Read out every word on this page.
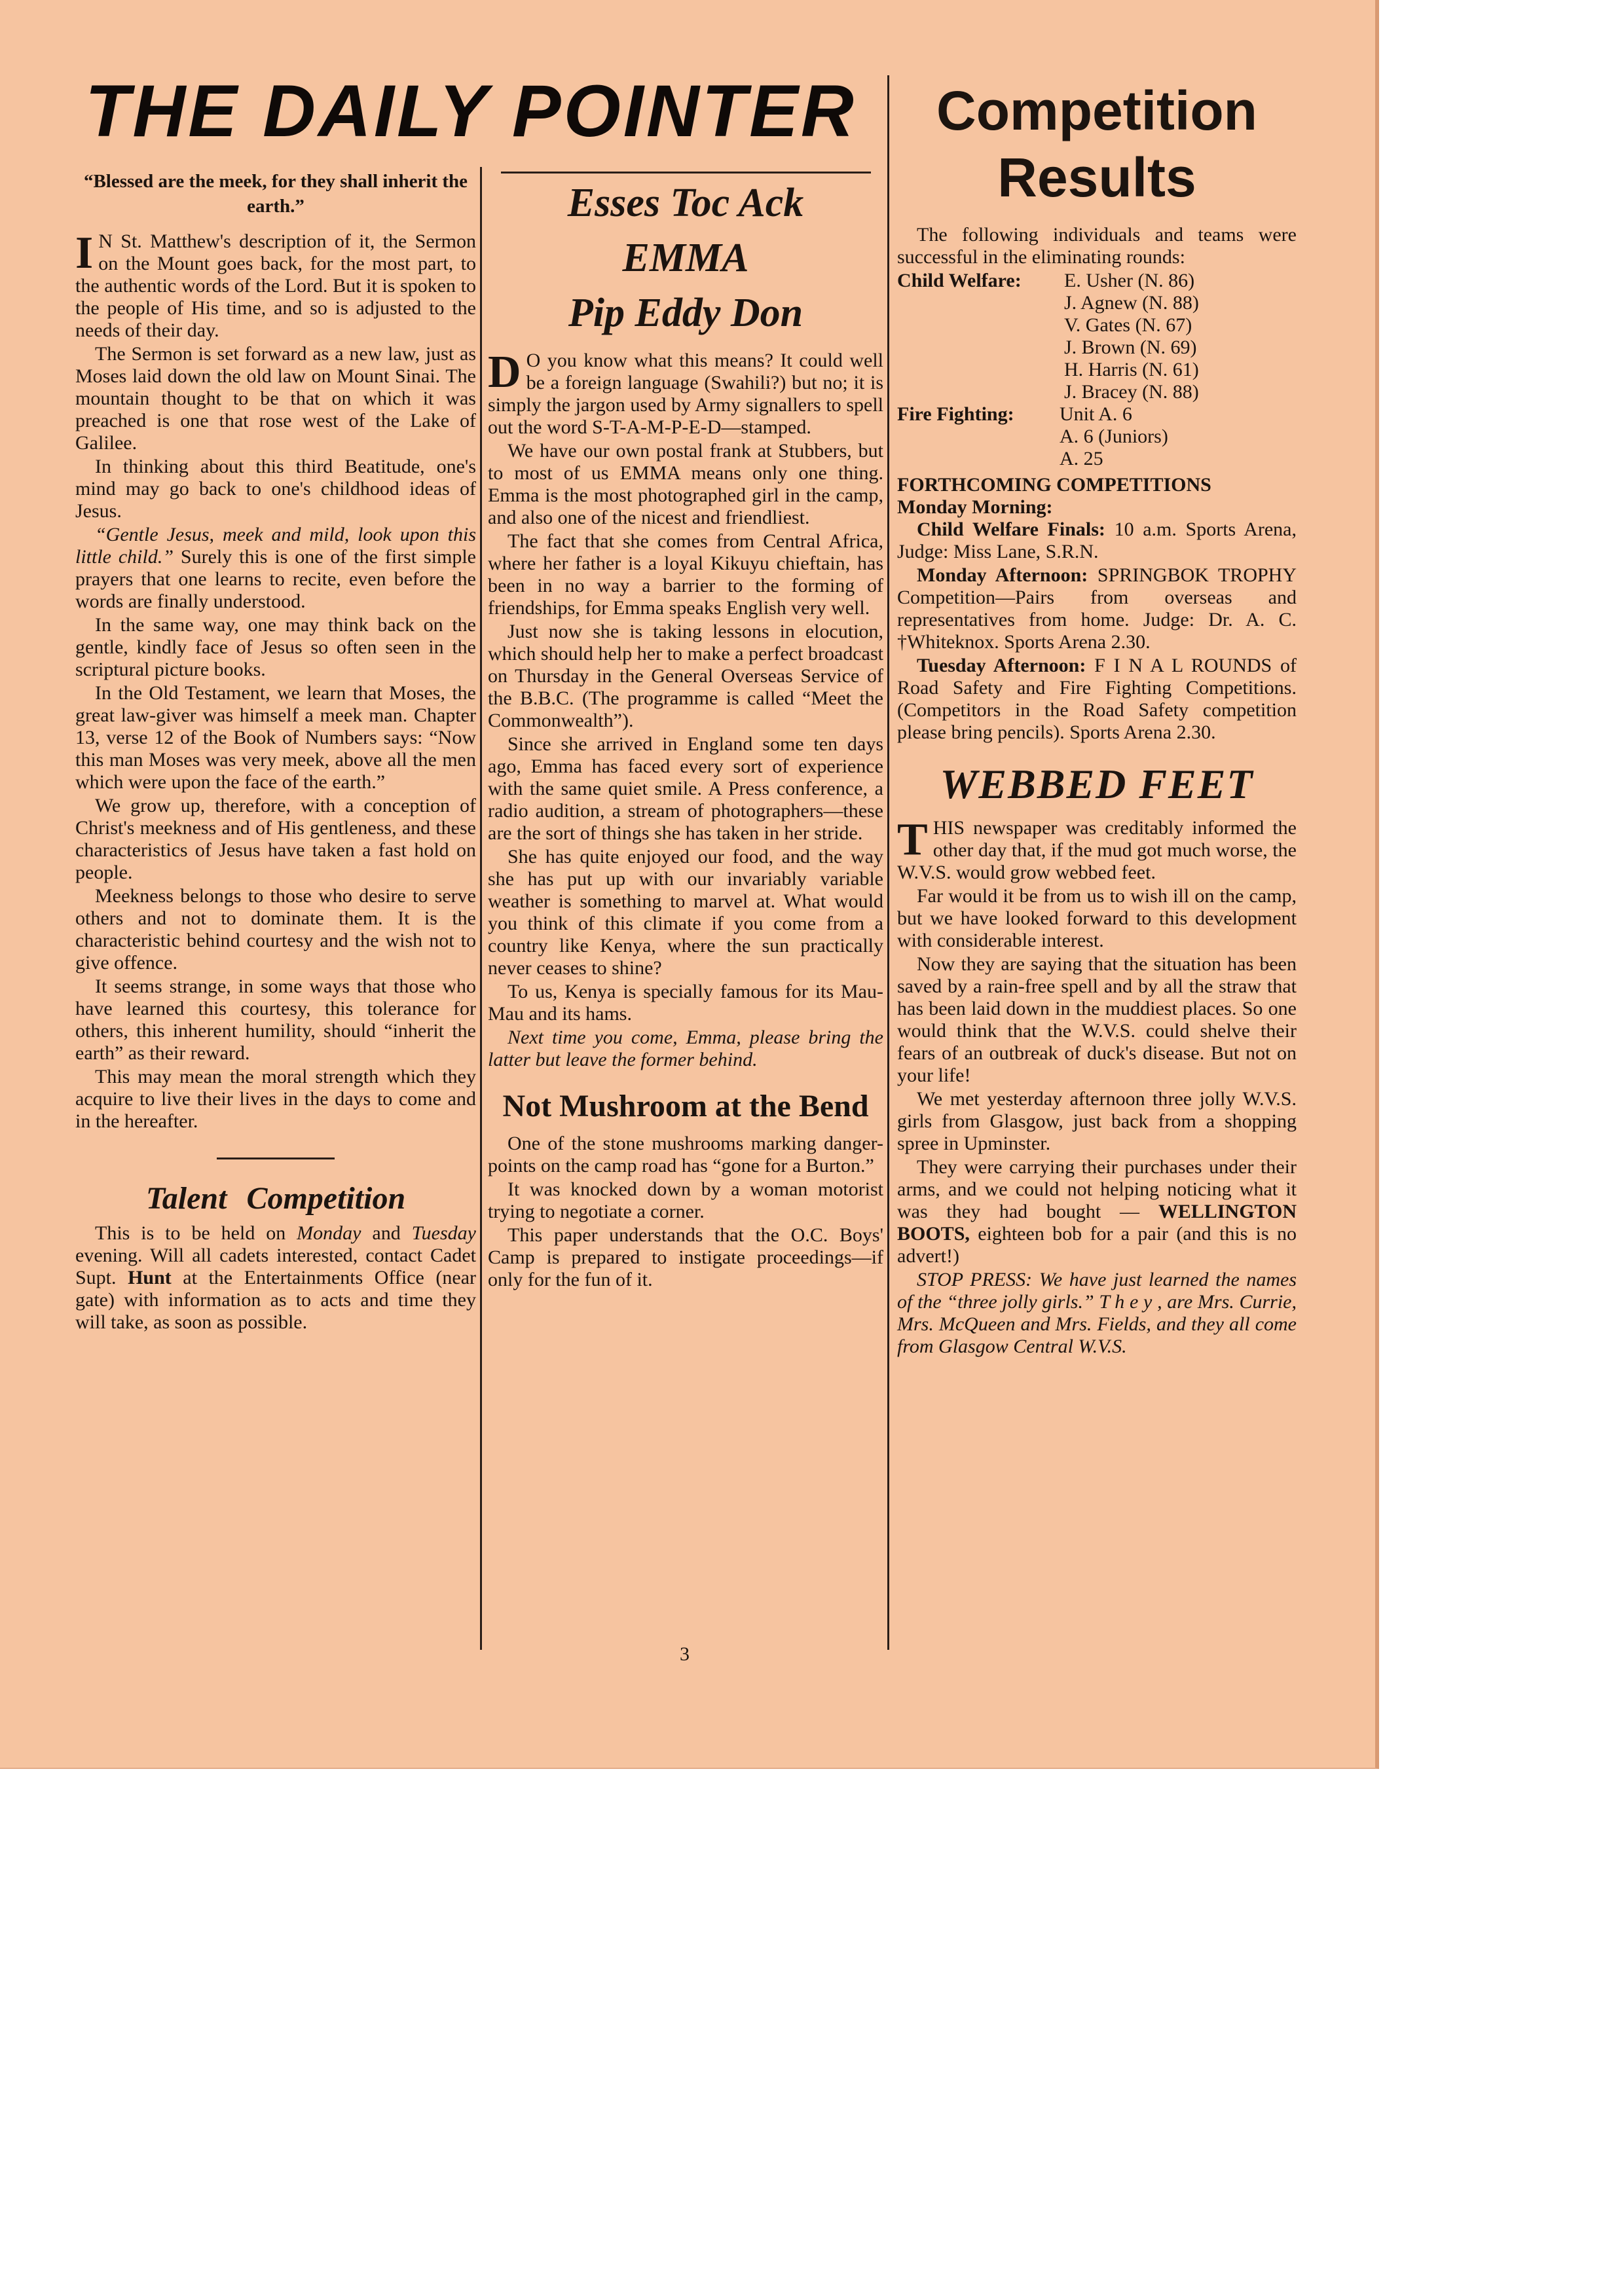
THE DAILY POINTER
“Blessed are the meek, for they shall inherit the earth.”

I N St. Matthew's description of it, the Sermon on the Mount goes back, for the most part, to the authentic words of the Lord. But it is spoken to the people of His time, and so is adjusted to the needs of their day.

The Sermon is set forward as a new law, just as Moses laid down the old law on Mount Sinai. The mountain thought to be that on which it was preached is one that rose west of the Lake of Galilee.

In thinking about this third Beatitude, one's mind may go back to one's childhood ideas of Jesus.

“Gentle Jesus, meek and mild, look upon this little child.” Surely this is one of the first simple prayers that one learns to recite, even before the words are finally understood.

In the same way, one may think back on the gentle, kindly face of Jesus so often seen in the scriptural picture books.

In the Old Testament, we learn that Moses, the great law-giver was himself a meek man. Chapter 13, verse 12 of the Book of Numbers says: “Now this man Moses was very meek, above all the men which were upon the face of the earth.”

We grow up, therefore, with a conception of Christ's meekness and of His gentleness, and these characteristics of Jesus have taken a fast hold on people.

Meekness belongs to those who desire to serve others and not to dominate them. It is the characteristic behind courtesy and the wish not to give offence.

It seems strange, in some ways that those who have learned this courtesy, this tolerance for others, this inherent humility, should “inherit the earth” as their reward.

This may mean the moral strength which they acquire to live their lives in the days to come and in the hereafter.

Talent Competition

This is to be held on Monday and Tuesday evening. Will all cadets interested, contact Cadet Supt. Hunt at the Entertainments Office (near gate) with information as to acts and time they will take, as soon as possible.

Esses Toc Ack
EMMA
Pip Eddy Don

D O you know what this means? It could well be a foreign language (Swahili?) but no; it is simply the jargon used by Army signallers to spell out the word S-T-A-M-P-E-D—stamped.

We have our own postal frank at Stubbers, but to most of us EMMA means only one thing. Emma is the most photographed girl in the camp, and also one of the nicest and friendliest.

The fact that she comes from Central Africa, where her father is a loyal Kikuyu chieftain, has been in no way a barrier to the forming of friendships, for Emma speaks English very well.

Just now she is taking lessons in elocution, which should help her to make a perfect broadcast on Thursday in the General Overseas Service of the B.B.C. (The programme is called “Meet the Commonwealth”).

Since she arrived in England some ten days ago, Emma has faced every sort of experience with the same quiet smile. A Press conference, a radio audition, a stream of photographers—these are the sort of things she has taken in her stride.

She has quite enjoyed our food, and the way she has put up with our invariably variable weather is something to marvel at. What would you think of this climate if you come from a country like Kenya, where the sun practically never ceases to shine?

To us, Kenya is specially famous for its Mau-Mau and its hams.

Next time you come, Emma, please bring the latter but leave the former behind.

Not Mushroom at the Bend

One of the stone mushrooms marking danger-points on the camp road has “gone for a Burton.”

It was knocked down by a woman motorist trying to negotiate a corner.

This paper understands that the O.C. Boys' Camp is prepared to instigate proceedings—if only for the fun of it.

Competition Results
The following individuals and teams were successful in the eliminating rounds:
Child Welfare: E. Usher (N. 86)
J. Agnew (N. 88)
V. Gates (N. 67)
J. Brown (N. 69)
H. Harris (N. 61)
J. Bracey (N. 88)
Fire Fighting: Unit A. 6
A. 6 (Juniors)
A. 25
FORTHCOMING COMPETITIONS
Monday Morning:
Child Welfare Finals: 10 a.m. Sports Arena, Judge: Miss Lane, S.R.N.
Monday Afternoon: SPRINGBOK TROPHY Competition—Pairs from overseas and representatives from home. Judge: Dr. A. C. †Whiteknox. Sports Arena 2.30.
Tuesday Afternoon: F I N A L ROUNDS of Road Safety and Fire Fighting Competitions. (Competitors in the Road Safety competition please bring pencils). Sports Arena 2.30.
WEBBED FEET
THIS newspaper was creditably informed the other day that, if the mud got much worse, the W.V.S. would grow webbed feet.
Far would it be from us to wish ill on the camp, but we have looked forward to this development with considerable interest.
Now they are saying that the situation has been saved by a rain-free spell and by all the straw that has been laid down in the muddiest places. So one would think that the W.V.S. could shelve their fears of an outbreak of duck's disease. But not on your life!
We met yesterday afternoon three jolly W.V.S. girls from Glasgow, just back from a shopping spree in Upminster.
They were carrying their purchases under their arms, and we could not helping noticing what it was they had bought — WELLINGTON BOOTS, eighteen bob for a pair (and this is no advert!)
STOP PRESS: We have just learned the names of the “three jolly girls.” T h e y , are Mrs. Currie, Mrs. McQueen and Mrs. Fields, and they all come from Glasgow Central W.V.S.
3
